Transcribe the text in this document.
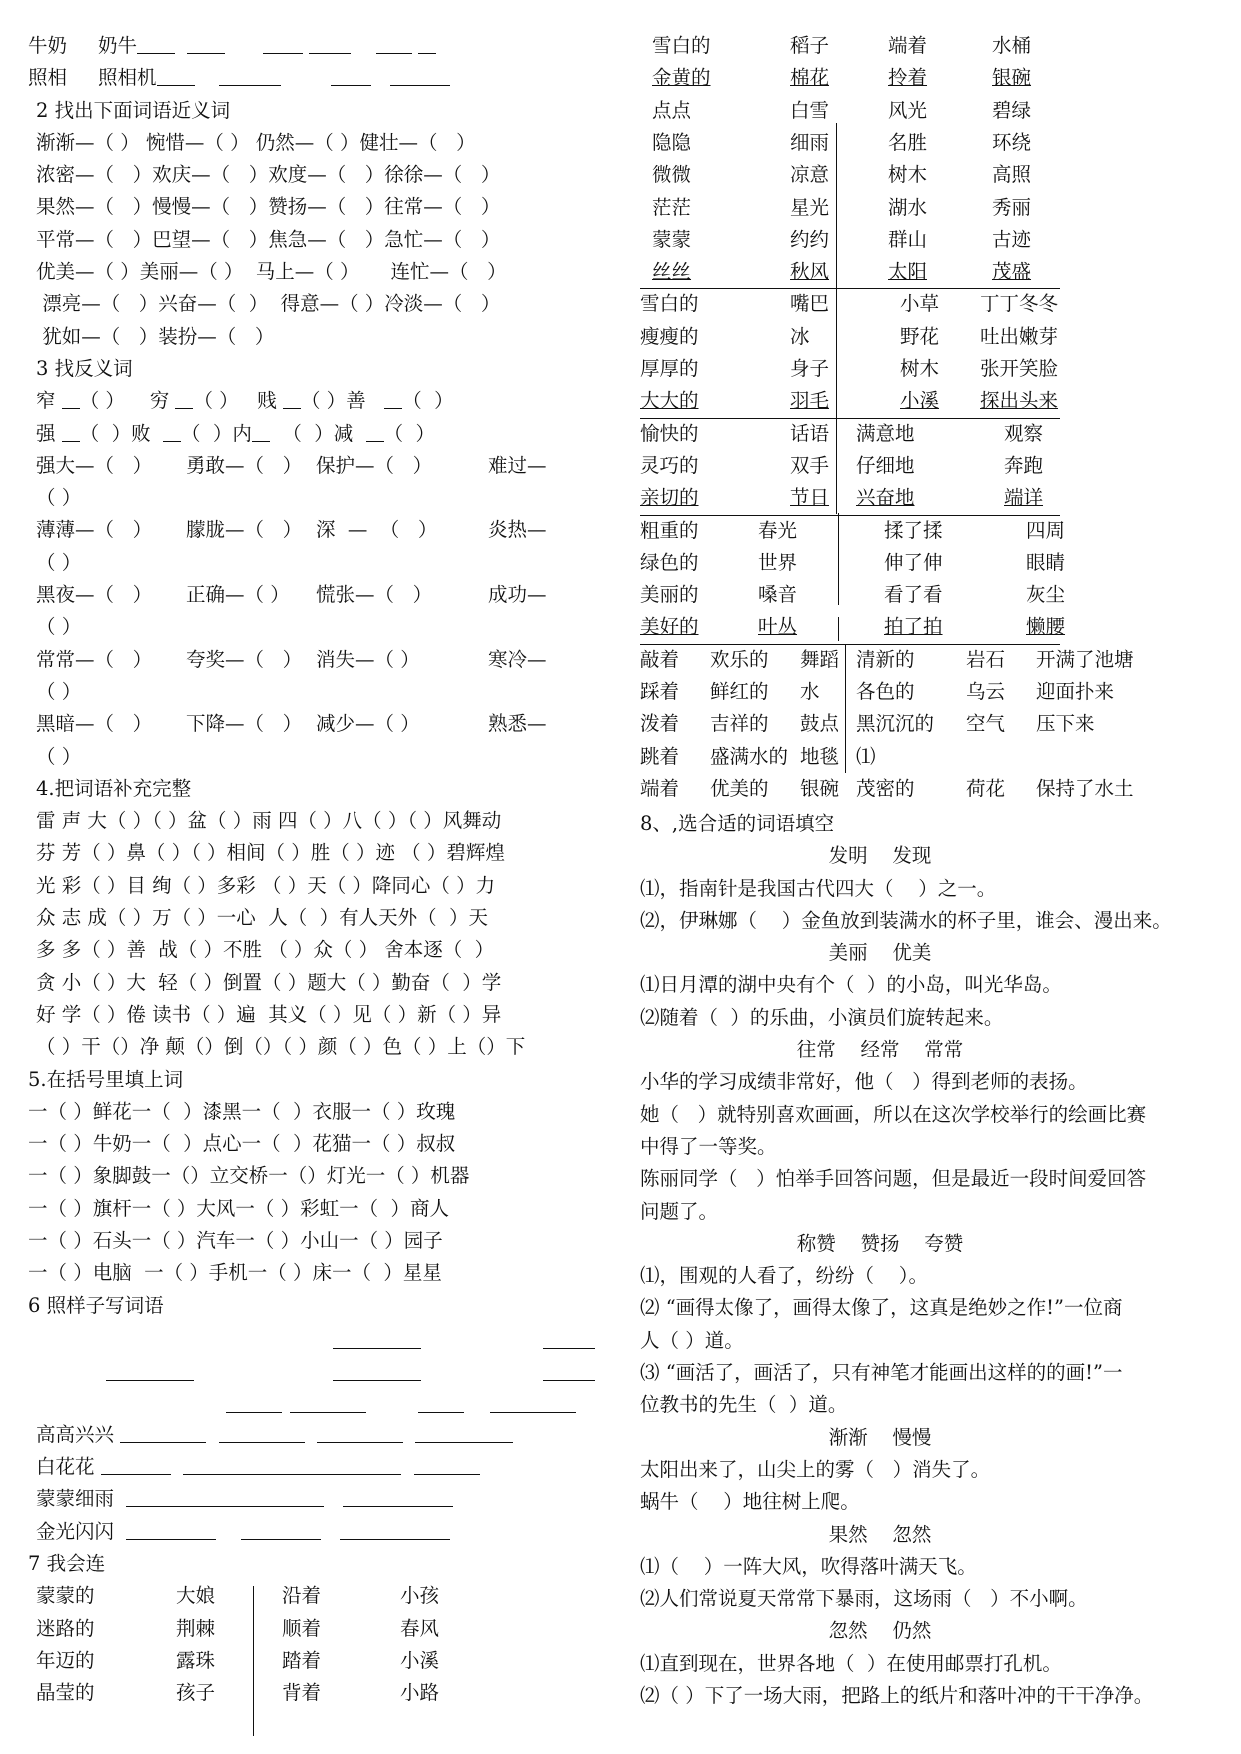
牛奶 奶牛
照相 照相机
2 找出下面词语近义词
渐渐—（ ） 惋惜—（ ） 仍然—（ ）健壮—（   ）
浓密—（   ）欢庆—（   ）欢度—（   ）徐徐—（   ）
果然—（   ）慢慢—（   ）赞扬—（   ）往常—（   ）
平常—（   ）巴望—（   ）焦急—（   ）急忙—（   ）
优美—（ ）美丽—（ ）  马上—（ ）     连忙—（   ）
漂亮—（   ）兴奋—（  ）  得意—（ ）冷淡—（   ）
犹如—（   ）装扮—（   ）
3 找反义词
窄 （ ） 穷 （ ） 贱 （ ）善 （  ）
强 （  ）败 （  ）内 （  ）减 （  ）
强大—（   ） 勇敢—（   ） 保护—（   ）	难过—
（ ）
薄薄—（   ） 朦胧—（   ） 深  —  （   ）	炎热—
（ ）
黑夜—（   ） 正确—（ ） 慌张—（   ）	成功—
（ ）
常常—（   ） 夸奖—（   ） 消失—（ ）	寒冷—
（ ）
黑暗—（   ） 下降—（   ） 减少—（ ）	熟悉—
（ ）
4.把词语补充完整
雷 声 大（ ）（ ）盆（ ）雨 四（ ）八（ ）（ ）风舞动
芬 芳（ ）鼻（ ）（ ）相间（ ）胜（ ）迹 （ ）碧辉煌
光 彩（ ）目 绚（ ）多彩 （ ）天（ ）降同心（ ）力
众 志 成（ ）万（ ）一心  人（  ）有人天外（  ）天
多 多（ ）善  战（ ）不胜 （ ）众（ ） 舍本逐（  ）
贪 小（ ）大  轻（ ）倒置（ ）题大（ ）勤奋（  ）学
好 学（ ）倦 读书（ ）遍  其义（ ）见（ ）新（ ）异
（ ）干（）净 颠（）倒（）（ ）颜（ ）色（ ）上（）下
5.在括号里填上词
一（ ）鲜花一（  ）漆黑一（  ）衣服一（ ）玫瑰
一（ ）牛奶一（  ）点心一（  ）花猫一（ ）叔叔
一（ ）象脚鼓一（）立交桥一（）灯光一（ ）机器
一（ ）旗杆一（ ）大风一（ ）彩虹一（  ）商人
一（ ）石头一（ ）汽车一（ ）小山一（ ）园子
一（ ）电脑  一（ ）手机一（ ）床一（  ）星星
6 照样子写词语

高高兴兴
白花花
蒙蒙细雨
金光闪闪
7 我会连
蒙蒙的	大娘	沿着	小孩
迷路的	荆棘	顺着	春风
年迈的	露珠	踏着	小溪
晶莹的	孩子	背着	小路
雪白的	稻子	端着	水桶
金黄的	棉花	拎着	银碗
点点	白雪	风光	碧绿
隐隐	细雨	名胜	环绕
微微	凉意	树木	高照
茫茫	星光	湖水	秀丽
蒙蒙	约约	群山	古迹
丝丝	秋风	太阳	茂盛
雪白的	嘴巴	小草 丁丁冬冬
瘦瘦的	冰	野花 吐出嫩芽
厚厚的	身子	树木 张开笑脸
大大的	羽毛	小溪 探出头来
愉快的	话语 满意地	观察
灵巧的	双手 仔细地	奔跑
亲切的	节日 兴奋地	端详
粗重的	春光	揉了揉	四周
绿色的	世界	伸了伸	眼睛
美丽的	嗓音	看了看	灰尘
美好的	叶丛	拍了拍	懒腰
敲着 欢乐的 舞蹈 清新的	岩石 开满了池塘
踩着 鲜红的 水 各色的	乌云 迎面扑来
泼着 吉祥的 鼓点 黑沉沉的 空气 压下来
跳着 盛满水的 地毯 ⑴
端着 优美的 银碗 茂密的	荷花 保持了水土
8、,选合适的词语填空
发明    发现
⑴，指南针是我国古代四大（    ）之一。
⑵，伊琳娜（    ）金鱼放到装满水的杯子里，谁会、漫出来。
美丽    优美
⑴日月潭的湖中央有个（  ）的小岛，叫光华岛。
⑵随着（  ）的乐曲，小演员们旋转起来。
往常    经常    常常
小华的学习成绩非常好，他（   ）得到老师的表扬。
她（   ）就特别喜欢画画，所以在这次学校举行的绘画比赛
中得了一等奖。
陈丽同学（   ）怕举手回答问题，但是最近一段时间爱回答
问题了。
称赞    赞扬    夸赞
⑴，围观的人看了，纷纷（    ）。
⑵ “画得太像了，画得太像了，这真是绝妙之作!”一位商
人（ ）道。
⑶ “画活了，画活了，只有神笔才能画出这样的的画!”一
位教书的先生（  ）道。
渐渐    慢慢
太阳出来了，山尖上的雾（   ）消失了。
蜗牛（    ）地往树上爬。
果然    忽然
⑴（    ）一阵大风，吹得落叶满天飞。
⑵人们常说夏天常常下暴雨，这场雨（   ）不小啊。
忽然    仍然
⑴直到现在，世界各地（  ）在使用邮票打孔机。
⑵（ ）下了一场大雨，把路上的纸片和落叶冲的干干净净。
